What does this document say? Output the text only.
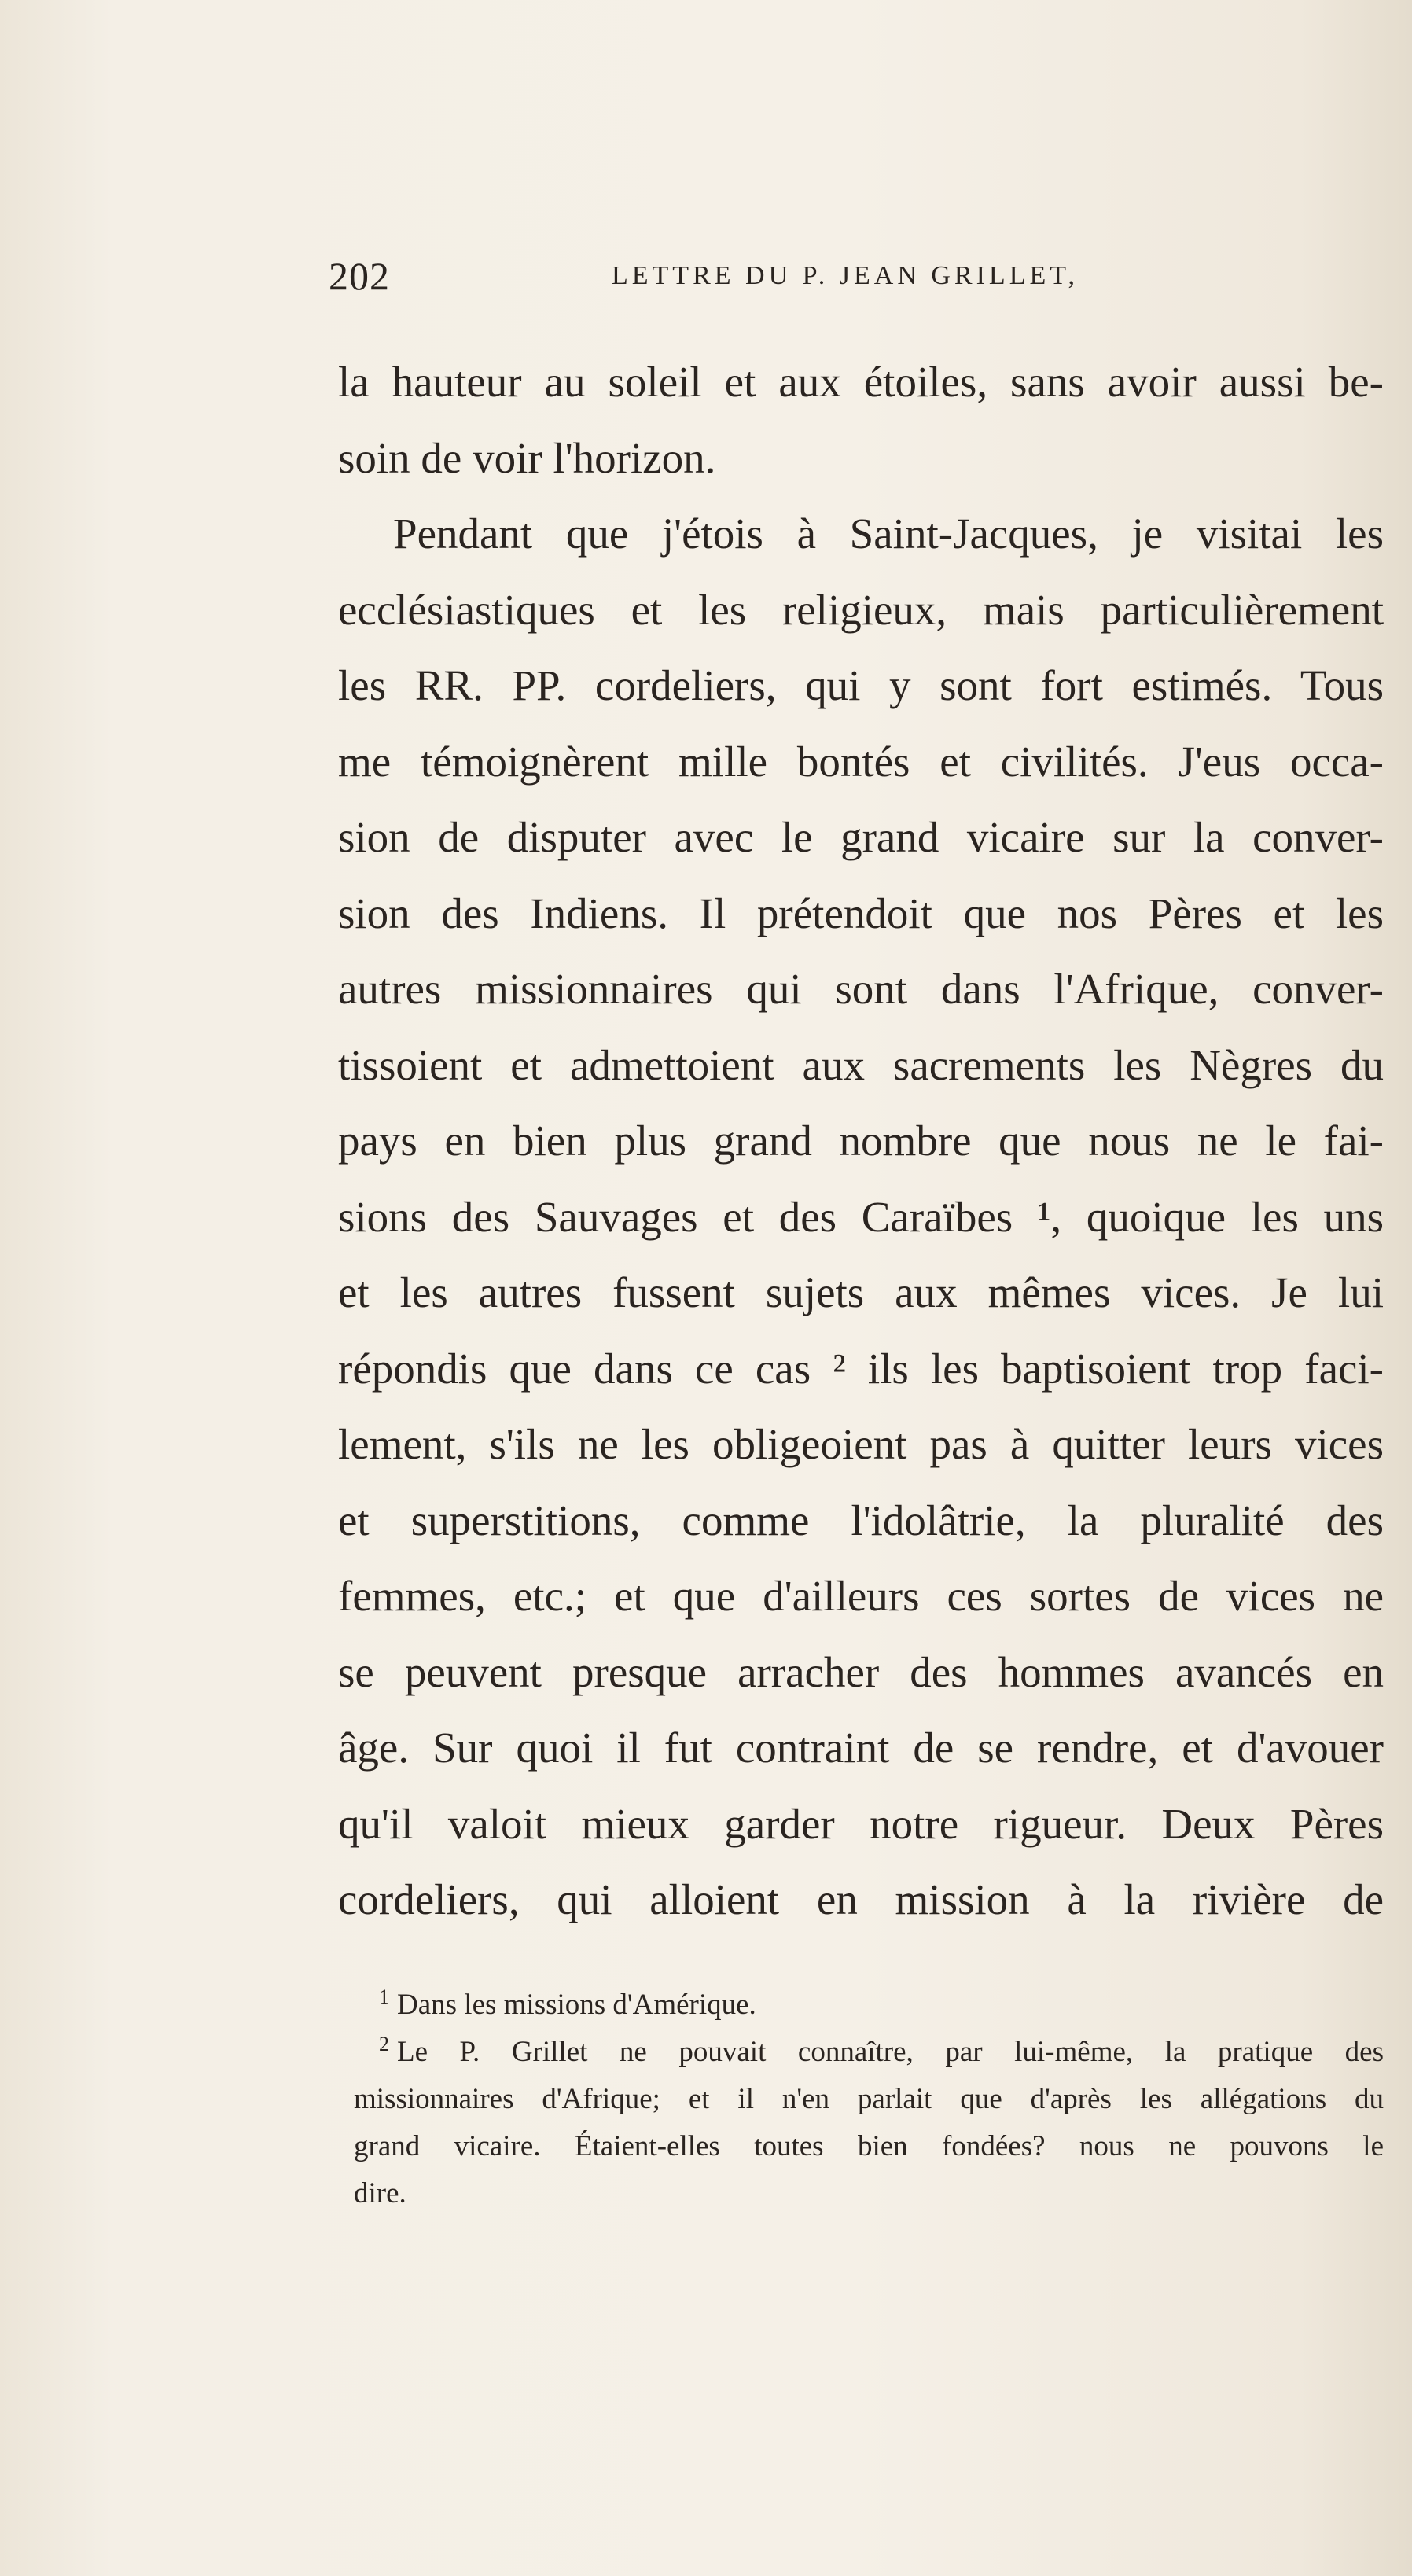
202	LETTRE DU P. JEAN GRILLET,
la hauteur au soleil et aux étoiles, sans avoir aussi be-
soin de voir l'horizon.
Pendant que j'étois à Saint-Jacques, je visitai les
ecclésiastiques et les religieux, mais particulièrement
les RR. PP. cordeliers, qui y sont fort estimés. Tous
me témoignèrent mille bontés et civilités. J'eus occa-
sion de disputer avec le grand vicaire sur la conver-
sion des Indiens. Il prétendoit que nos Pères et les
autres missionnaires qui sont dans l'Afrique, conver-
tissoient et admettoient aux sacrements les Nègres du
pays en bien plus grand nombre que nous ne le fai-
sions des Sauvages et des Caraïbes ¹, quoique les uns
et les autres fussent sujets aux mêmes vices. Je lui
répondis que dans ce cas ² ils les baptisoient trop faci-
lement, s'ils ne les obligeoient pas à quitter leurs vices
et superstitions, comme l'idolâtrie, la pluralité des
femmes, etc.; et que d'ailleurs ces sortes de vices ne
se peuvent presque arracher des hommes avancés en
âge. Sur quoi il fut contraint de se rendre, et d'avouer
qu'il valoit mieux garder notre rigueur. Deux Pères
cordeliers, qui alloient en mission à la rivière de
$^1$ Dans les missions d'Amérique.
$^2$ Le P. Grillet ne pouvait connaître, par lui-même, la pratique des
missionnaires d'Afrique; et il n'en parlait que d'après les allégations du
grand vicaire. Étaient-elles toutes bien fondées? nous ne pouvons le
dire.
